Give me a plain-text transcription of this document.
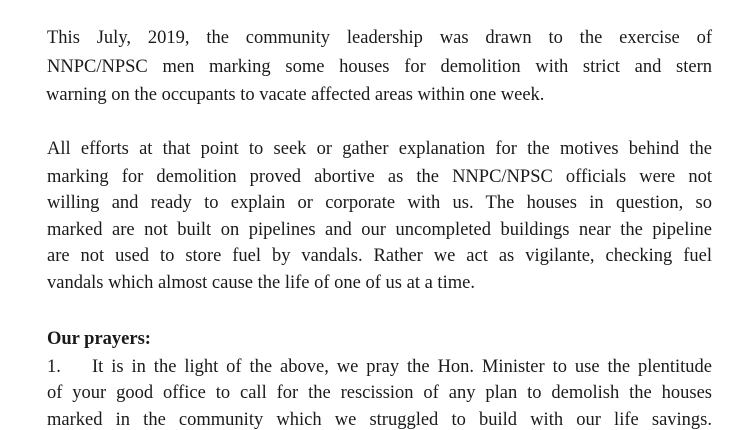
This July, 2019, the community leadership was drawn to the exercise of
NNPC/NPSC men marking some houses for demolition with strict and stern
warning on the occupants to vacate affected areas within one week.
All efforts at that point to seek or gather explanation for the motives behind the
marking for demolition proved abortive as the NNPC/NPSC officials were not
willing and ready to explain or corporate with us. The houses in question, so
marked are not built on pipelines and our uncompleted buildings near the pipeline
are not used to store fuel by vandals. Rather we act as vigilante, checking fuel
vandals which almost cause the life of one of us at a time.
Our prayers:
1. It is in the light of the above, we pray the Hon. Minister to use the plentitude
of your good office to call for the rescission of any plan to demolish the houses
marked in the community which we struggled to build with our life savings.
